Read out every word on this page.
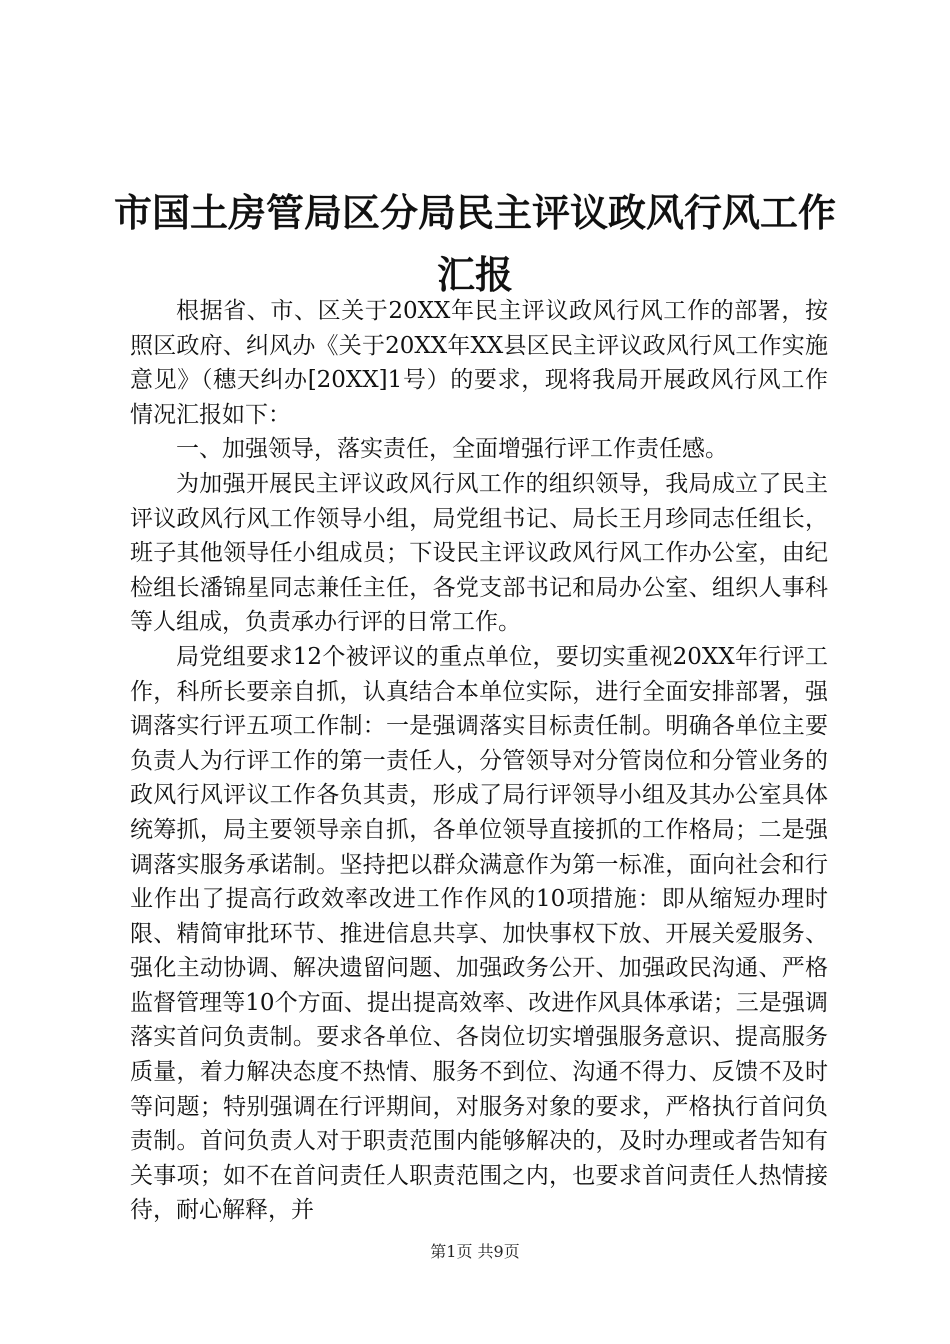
市国土房管局区分局民主评议政风行风工作汇报

根据省、市、区关于20XX年民主评议政风行风工作的部署，按照区政府、纠风办《关于20XX年XX县区民主评议政风行风工作实施意见》（穗天纠办[20XX]1号）的要求，现将我局开展政风行风工作情况汇报如下：

一、加强领导，落实责任，全面增强行评工作责任感。

为加强开展民主评议政风行风工作的组织领导，我局成立了民主评议政风行风工作领导小组，局党组书记、局长王月珍同志任组长，班子其他领导任小组成员；下设民主评议政风行风工作办公室，由纪检组长潘锦星同志兼任主任，各党支部书记和局办公室、组织人事科等人组成，负责承办行评的日常工作。

局党组要求12个被评议的重点单位，要切实重视20XX年行评工作，科所长要亲自抓，认真结合本单位实际，进行全面安排部署，强调落实行评五项工作制：一是强调落实目标责任制。明确各单位主要负责人为行评工作的第一责任人，分管领导对分管岗位和分管业务的政风行风评议工作各负其责，形成了局行评领导小组及其办公室具体统筹抓，局主要领导亲自抓，各单位领导直接抓的工作格局；二是强调落实服务承诺制。坚持把以群众满意作为第一标准，面向社会和行业作出了提高行政效率改进工作作风的10项措施：即从缩短办理时限、精简审批环节、推进信息共享、加快事权下放、开展关爱服务、强化主动协调、解决遗留问题、加强政务公开、加强政民沟通、严格监督管理等10个方面、提出提高效率、改进作风具体承诺；三是强调落实首问负责制。要求各单位、各岗位切实增强服务意识、提高服务质量，着力解决态度不热情、服务不到位、沟通不得力、反馈不及时等问题；特别强调在行评期间，对服务对象的要求，严格执行首问负责制。首问负责人对于职责范围内能够解决的，及时办理或者告知有关事项；如不在首问责任人职责范围之内，也要求首问责任人热情接待，耐心解释，并

第1页 共9页
